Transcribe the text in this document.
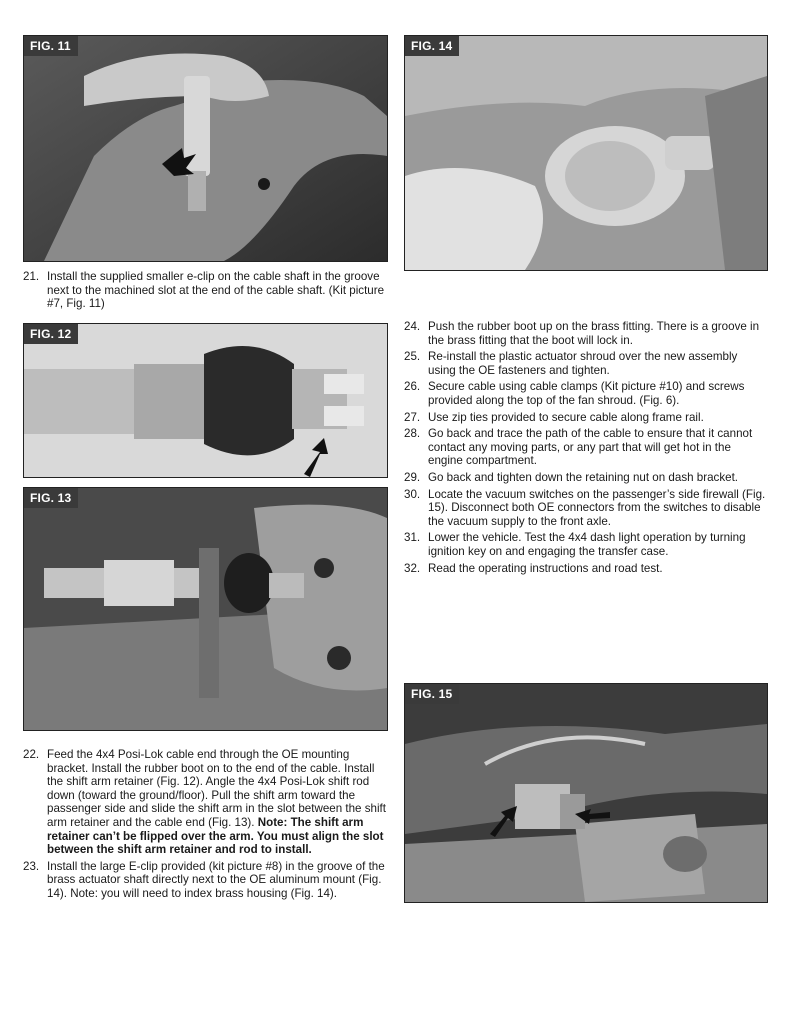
FIG. 11	FIG. 14
21. Install the supplied smaller e-clip on the cable shaft in the groove next to the machined slot at the end of the cable shaft. (Kit picture #7, Fig. 11)
FIG. 12
FIG. 13
22. Feed the 4x4 Posi-Lok cable end through the OE mounting bracket. Install the rubber boot on to the end of the cable. Install the shift arm retainer (Fig. 12). Angle the 4x4 Posi-Lok shift rod down (toward the ground/floor). Pull the shift arm toward the passenger side and slide the shift arm in the slot between the shift arm retainer and the cable end (Fig. 13). Note: The shift arm retainer can’t be flipped over the arm. You must align the slot between the shift arm retainer and rod to install.
23. Install the large E-clip provided (kit picture #8) in the groove of the brass actuator shaft directly next to the OE aluminum mount (Fig. 14). Note: you will need to index brass housing (Fig. 14).
24. Push the rubber boot up on the brass fitting. There is a groove in the brass fitting that the boot will lock in.
25. Re-install the plastic actuator shroud over the new assembly using the OE fasteners and tighten.
26. Secure cable using cable clamps (Kit picture #10) and screws provided along the top of the fan shroud. (Fig. 6).
27. Use zip ties provided to secure cable along frame rail.
28. Go back and trace the path of the cable to ensure that it cannot contact any moving parts, or any part that will get hot in the engine compartment.
29. Go back and tighten down the retaining nut on dash bracket.
30. Locate the vacuum switches on the passenger’s side firewall (Fig. 15). Disconnect both OE connectors from the switches to disable the vacuum supply to the front axle.
31. Lower the vehicle. Test the 4x4 dash light operation by turning ignition key on and engaging the transfer case.
32. Read the operating instructions and road test.
FIG. 15
